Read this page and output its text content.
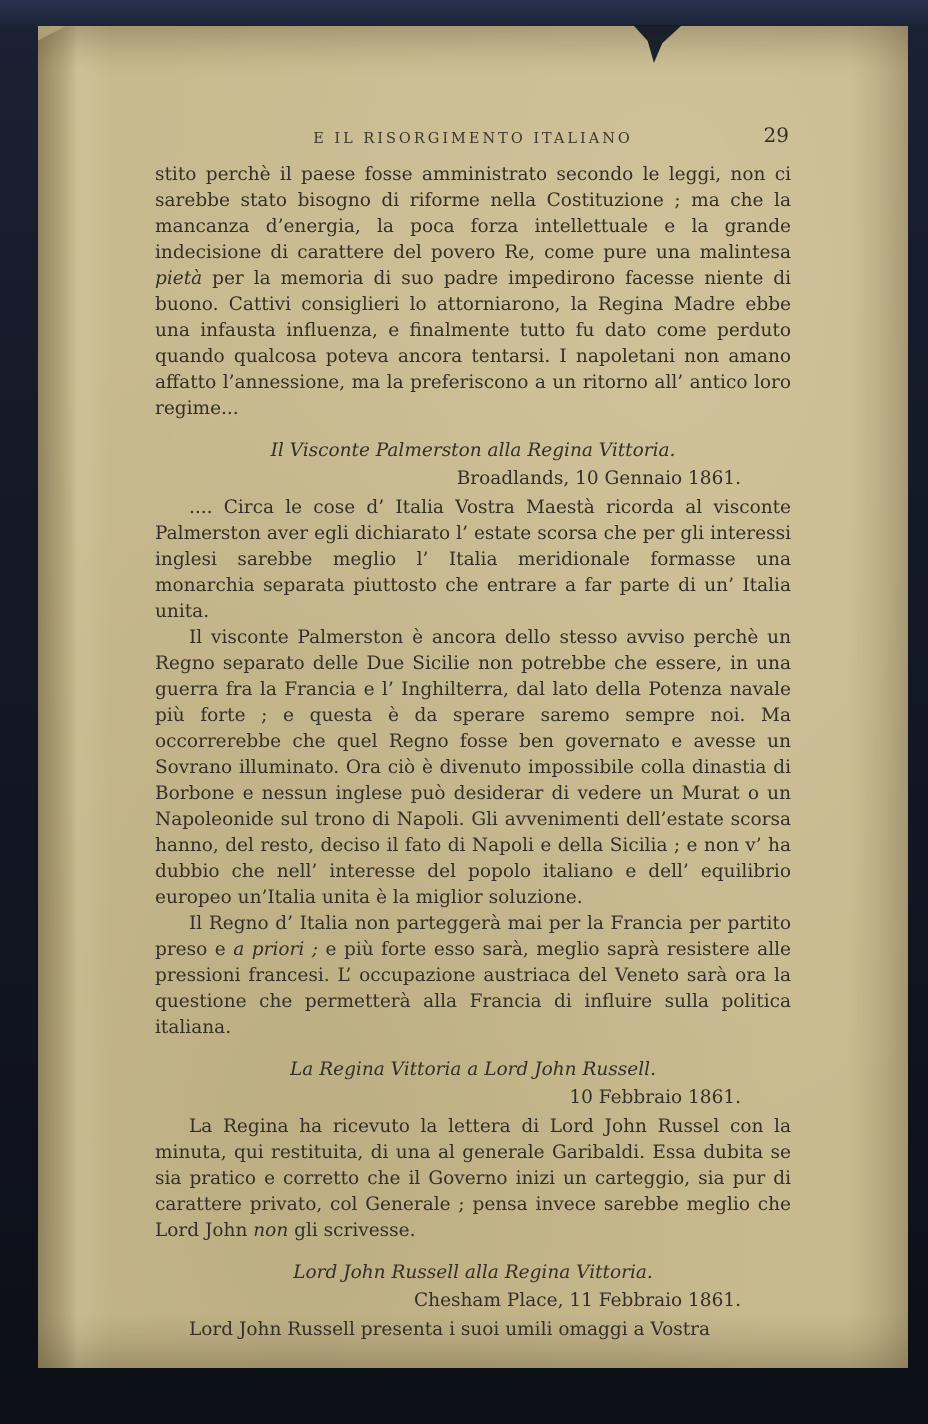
E IL RISORGIMENTO ITALIANO	29

stito perchè il paese fosse amministrato secondo le leggi, non ci sarebbe stato bisogno di riforme nella Costituzione ; ma che la mancanza d’energia, la poca forza intellettuale e la grande indecisione di carattere del povero Re, come pure una malintesa pietà per la memoria di suo padre impedirono facesse niente di buono. Cattivi consiglieri lo attorniarono, la Regina Madre ebbe una infausta influenza, e finalmente tutto fu dato come perduto quando qualcosa poteva ancora tentarsi. I napoletani non amano affatto l’annessione, ma la preferiscono a un ritorno all’ antico loro regime...

Il Visconte Palmerston alla Regina Vittoria.
Broadlands, 10 Gennaio 1861.

.... Circa le cose d’ Italia Vostra Maestà ricorda al visconte Palmerston aver egli dichiarato l’ estate scorsa che per gli interessi inglesi sarebbe meglio l’ Italia meridionale formasse una monarchia separata piuttosto che entrare a far parte di un’ Italia unita.

Il visconte Palmerston è ancora dello stesso avviso perchè un Regno separato delle Due Sicilie non potrebbe che essere, in una guerra fra la Francia e l’ Inghilterra, dal lato della Potenza navale più forte ; e questa è da sperare saremo sempre noi. Ma occorrerebbe che quel Regno fosse ben governato e avesse un Sovrano illuminato. Ora ciò è divenuto impossibile colla dinastia di Borbone e nessun inglese può desiderar di vedere un Murat o un Napoleonide sul trono di Napoli. Gli avvenimenti dell’estate scorsa hanno, del resto, deciso il fato di Napoli e della Sicilia ; e non v’ ha dubbio che nell’ interesse del popolo italiano e dell’ equilibrio europeo un’Italia unita è la miglior soluzione.

Il Regno d’ Italia non parteggerà mai per la Francia per partito preso e a priori ; e più forte esso sarà, meglio saprà resistere alle pressioni francesi. L’ occupazione austriaca del Veneto sarà ora la questione che permetterà alla Francia di influire sulla politica italiana.

La Regina Vittoria a Lord John Russell.
10 Febbraio 1861.

La Regina ha ricevuto la lettera di Lord John Russel con la minuta, qui restituita, di una al generale Garibaldi. Essa dubita se sia pratico e corretto che il Governo inizi un carteggio, sia pur di carattere privato, col Generale ; pensa invece sarebbe meglio che Lord John non gli scrivesse.

Lord John Russell alla Regina Vittoria.
Chesham Place, 11 Febbraio 1861.

Lord John Russell presenta i suoi umili omaggi a Vostra
